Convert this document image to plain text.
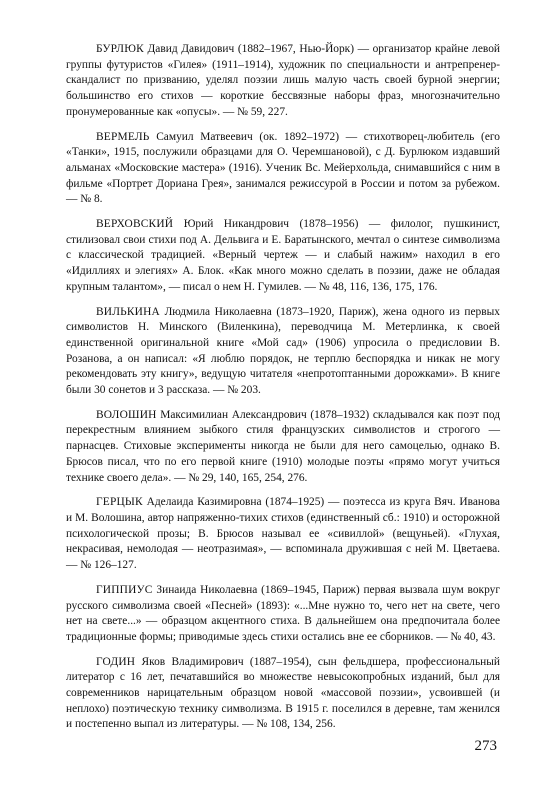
БУРЛЮК Давид Давидович (1882–1967, Нью-Йорк) — организатор крайне левой группы футуристов «Гилея» (1911–1914), художник по специальности и антрепренер-скандалист по призванию, уделял поэзии лишь малую часть своей бурной энергии; большинство его стихов — короткие бессвязные наборы фраз, многозначительно пронумерованные как «опусы». — № 59, 227.

ВЕРМЕЛЬ Самуил Матвеевич (ок. 1892–1972) — стихотворец-любитель (его «Танки», 1915, послужили образцами для О. Черемшановой), с Д. Бурлюком издавший альманах «Московские мастера» (1916). Ученик Вс. Мейерхольда, снимавшийся с ним в фильме «Портрет Дориана Грея», занимался режиссурой в России и потом за рубежом. — № 8.

ВЕРХОВСКИЙ Юрий Никандрович (1878–1956) — филолог, пушкинист, стилизовал свои стихи под А. Дельвига и Е. Баратынского, мечтал о синтезе символизма с классической традицией. «Верный чертеж — и слабый нажим» находил в его «Идиллиях и элегиях» А. Блок. «Как много можно сделать в поэзии, даже не обладая крупным талантом», — писал о нем Н. Гумилев. — № 48, 116, 136, 175, 176.

ВИЛЬКИНА Людмила Николаевна (1873–1920, Париж), жена одного из первых символистов Н. Минского (Виленкина), переводчица М. Метерлинка, к своей единственной оригинальной книге «Мой сад» (1906) упросила о предисловии В. Розанова, а он написал: «Я люблю порядок, не терплю беспорядка и никак не могу рекомендовать эту книгу», ведущую читателя «непротоптанными дорожками». В книге были 30 сонетов и 3 рассказа. — № 203.

ВОЛОШИН Максимилиан Александрович (1878–1932) складывался как поэт под перекрестным влиянием зыбкого стиля французских символистов и строгого — парнасцев. Стиховые эксперименты никогда не были для него самоцелью, однако В. Брюсов писал, что по его первой книге (1910) молодые поэты «прямо могут учиться технике своего дела». — № 29, 140, 165, 254, 276.

ГЕРЦЫК Аделаида Казимировна (1874–1925) — поэтесса из круга Вяч. Иванова и М. Волошина, автор напряженно-тихих стихов (единственный сб.: 1910) и осторожной психологической прозы; В. Брюсов называл ее «сивиллой» (вещуньей). «Глухая, некрасивая, немолодая — неотразимая», — вспоминала дружившая с ней М. Цветаева. — № 126–127.

ГИППИУС Зинаида Николаевна (1869–1945, Париж) первая вызвала шум вокруг русского символизма своей «Песней» (1893): «...Мне нужно то, чего нет на свете, чего нет на свете...» — образцом акцентного стиха. В дальнейшем она предпочитала более традиционные формы; приводимые здесь стихи остались вне ее сборников. — № 40, 43.

ГОДИН Яков Владимирович (1887–1954), сын фельдшера, профессиональный литератор с 16 лет, печатавшийся во множестве невысокопробных изданий, был для современников нарицательным образцом новой «массовой поэзии», усвоившей (и неплохо) поэтическую технику символизма. В 1915 г. поселился в деревне, там женился и постепенно выпал из литературы. — № 108, 134, 256.

273
